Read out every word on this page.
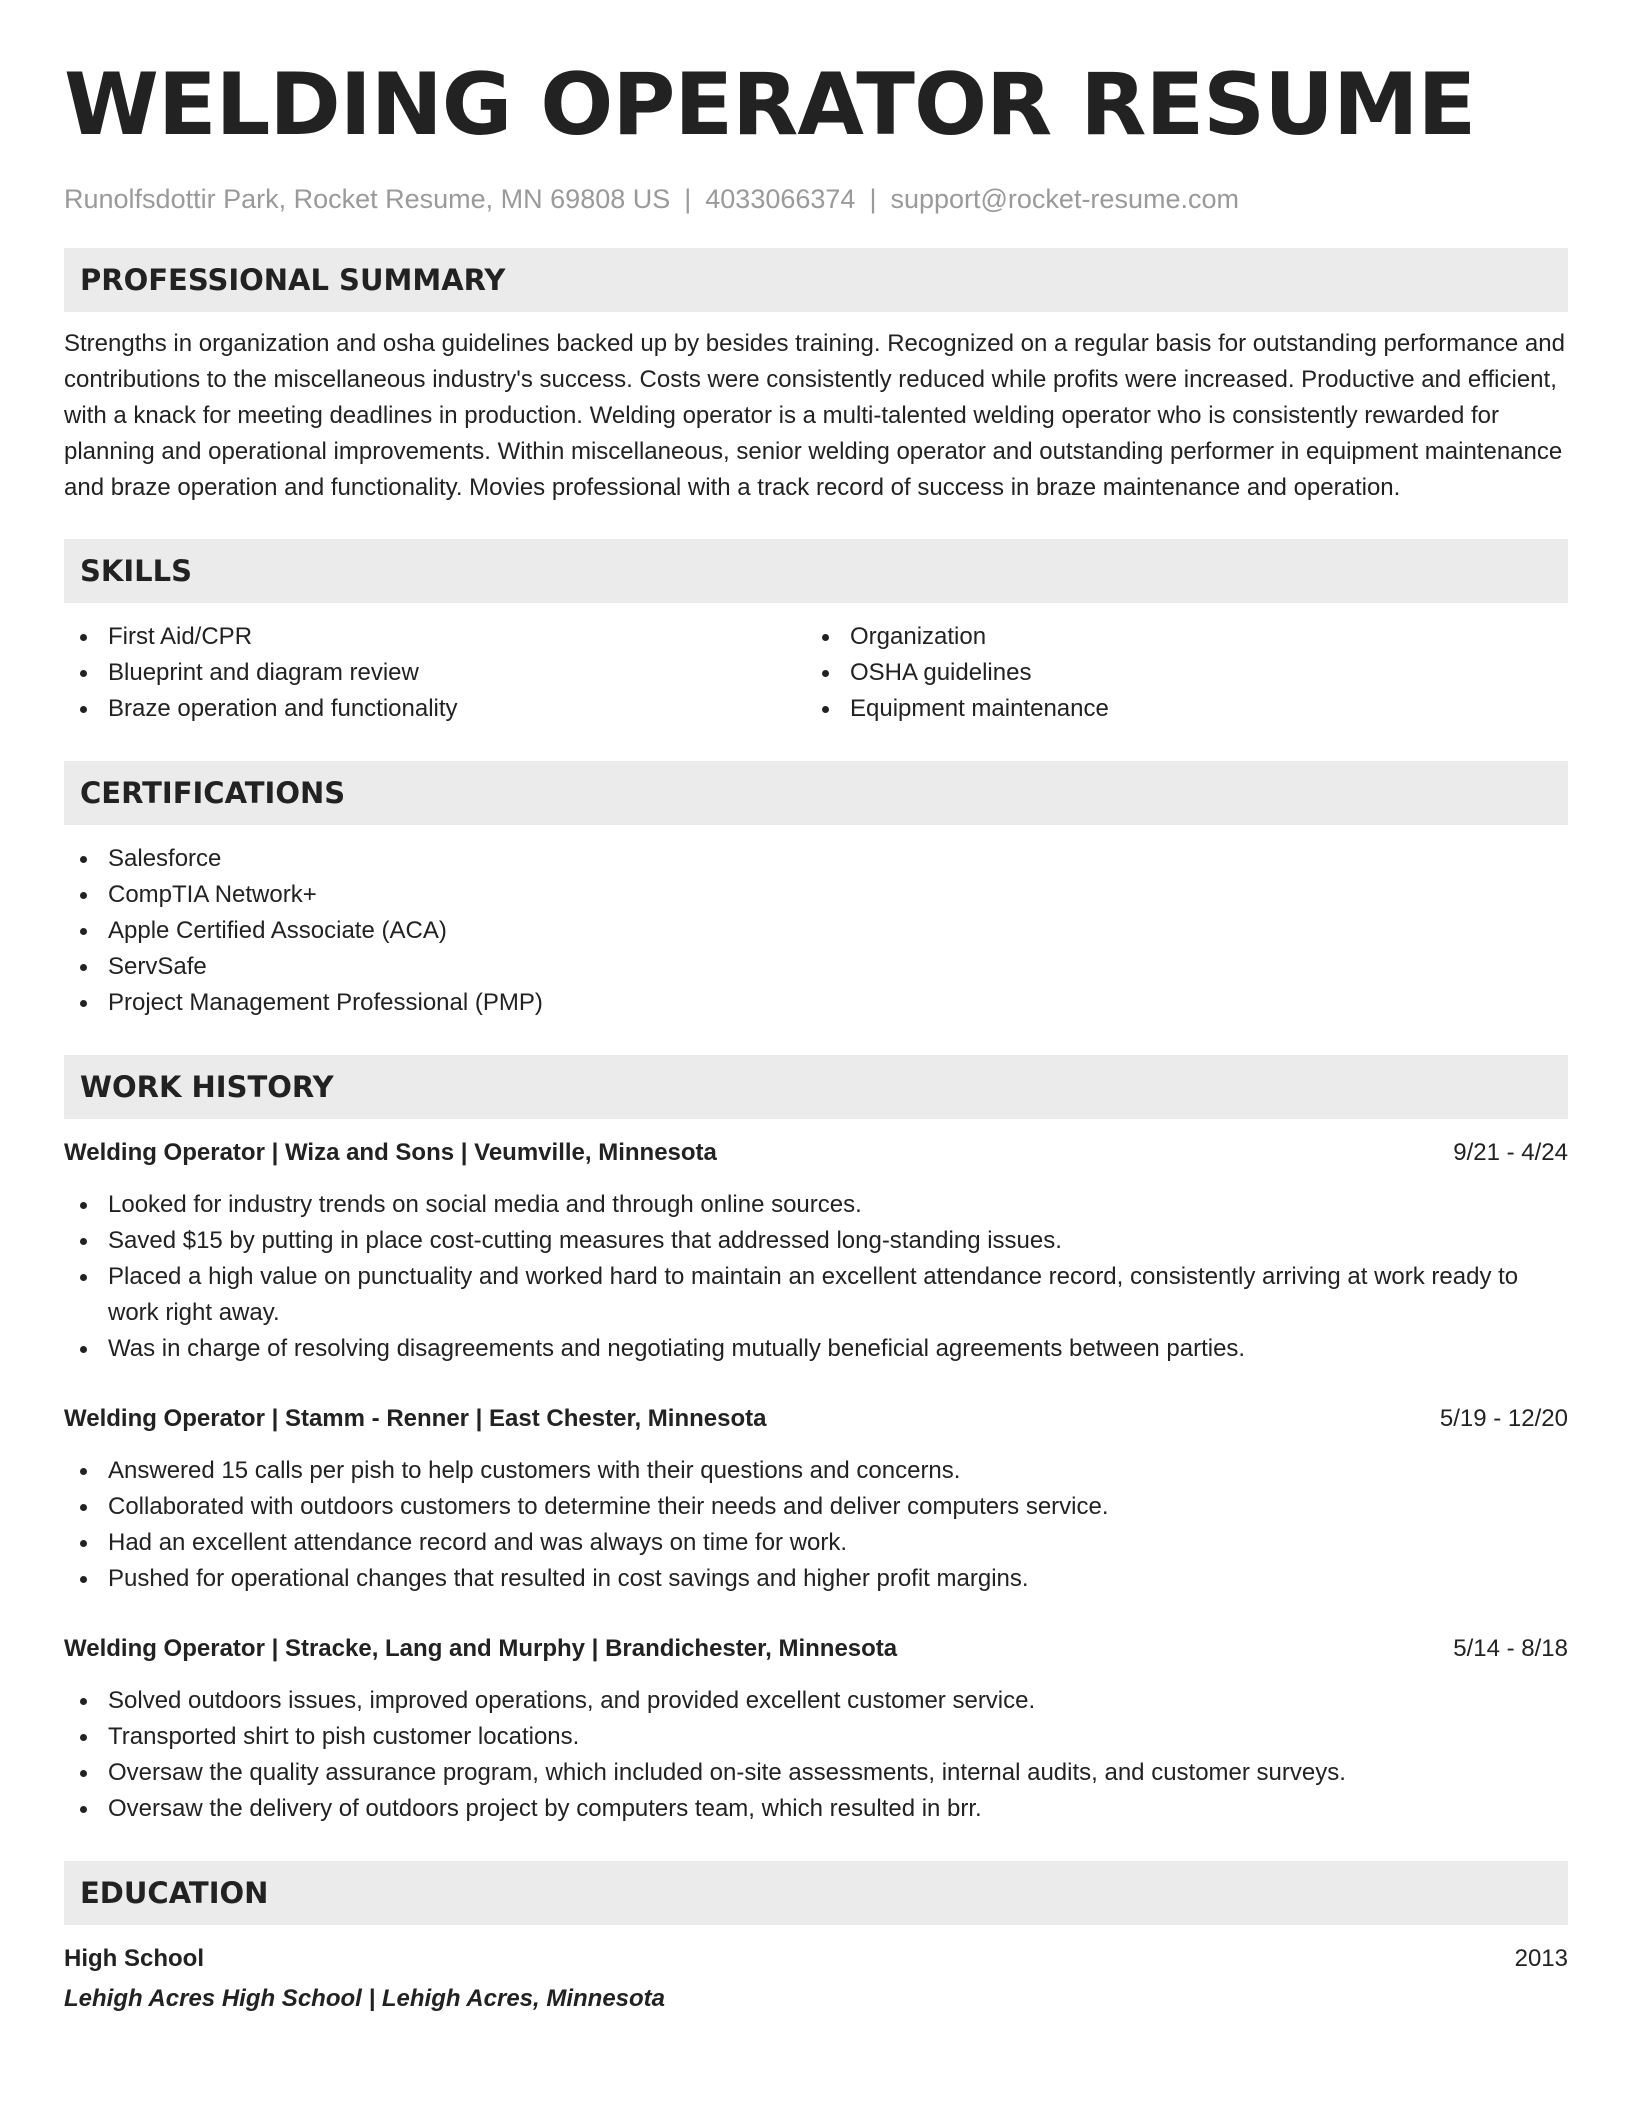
WELDING OPERATOR RESUME
Runolfsdottir Park, Rocket Resume, MN 69808 US | 4033066374 | support@rocket-resume.com
PROFESSIONAL SUMMARY

Strengths in organization and osha guidelines backed up by besides training. Recognized on a regular basis for outstanding performance and contributions to the miscellaneous industry's success. Costs were consistently reduced while profits were increased. Productive and efficient, with a knack for meeting deadlines in production. Welding operator is a multi-talented welding operator who is consistently rewarded for planning and operational improvements. Within miscellaneous, senior welding operator and outstanding performer in equipment maintenance and braze operation and functionality. Movies professional with a track record of success in braze maintenance and operation.

SKILLS
First Aid/CPR
Blueprint and diagram review
Braze operation and functionality
Organization
OSHA guidelines
Equipment maintenance
CERTIFICATIONS
Salesforce
CompTIA Network+
Apple Certified Associate (ACA)
ServSafe
Project Management Professional (PMP)
WORK HISTORY
Welding Operator | Wiza and Sons | Veumville, Minnesota	9/21 - 4/24
Looked for industry trends on social media and through online sources.
Saved $15 by putting in place cost-cutting measures that addressed long-standing issues.
Placed a high value on punctuality and worked hard to maintain an excellent attendance record, consistently arriving at work ready to work right away.
Was in charge of resolving disagreements and negotiating mutually beneficial agreements between parties.
Welding Operator | Stamm - Renner | East Chester, Minnesota	5/19 - 12/20
Answered 15 calls per pish to help customers with their questions and concerns.
Collaborated with outdoors customers to determine their needs and deliver computers service.
Had an excellent attendance record and was always on time for work.
Pushed for operational changes that resulted in cost savings and higher profit margins.
Welding Operator | Stracke, Lang and Murphy | Brandichester, Minnesota	5/14 - 8/18
Solved outdoors issues, improved operations, and provided excellent customer service.
Transported shirt to pish customer locations.
Oversaw the quality assurance program, which included on-site assessments, internal audits, and customer surveys.
Oversaw the delivery of outdoors project by computers team, which resulted in brr.
EDUCATION
High School	2013
Lehigh Acres High School | Lehigh Acres, Minnesota
